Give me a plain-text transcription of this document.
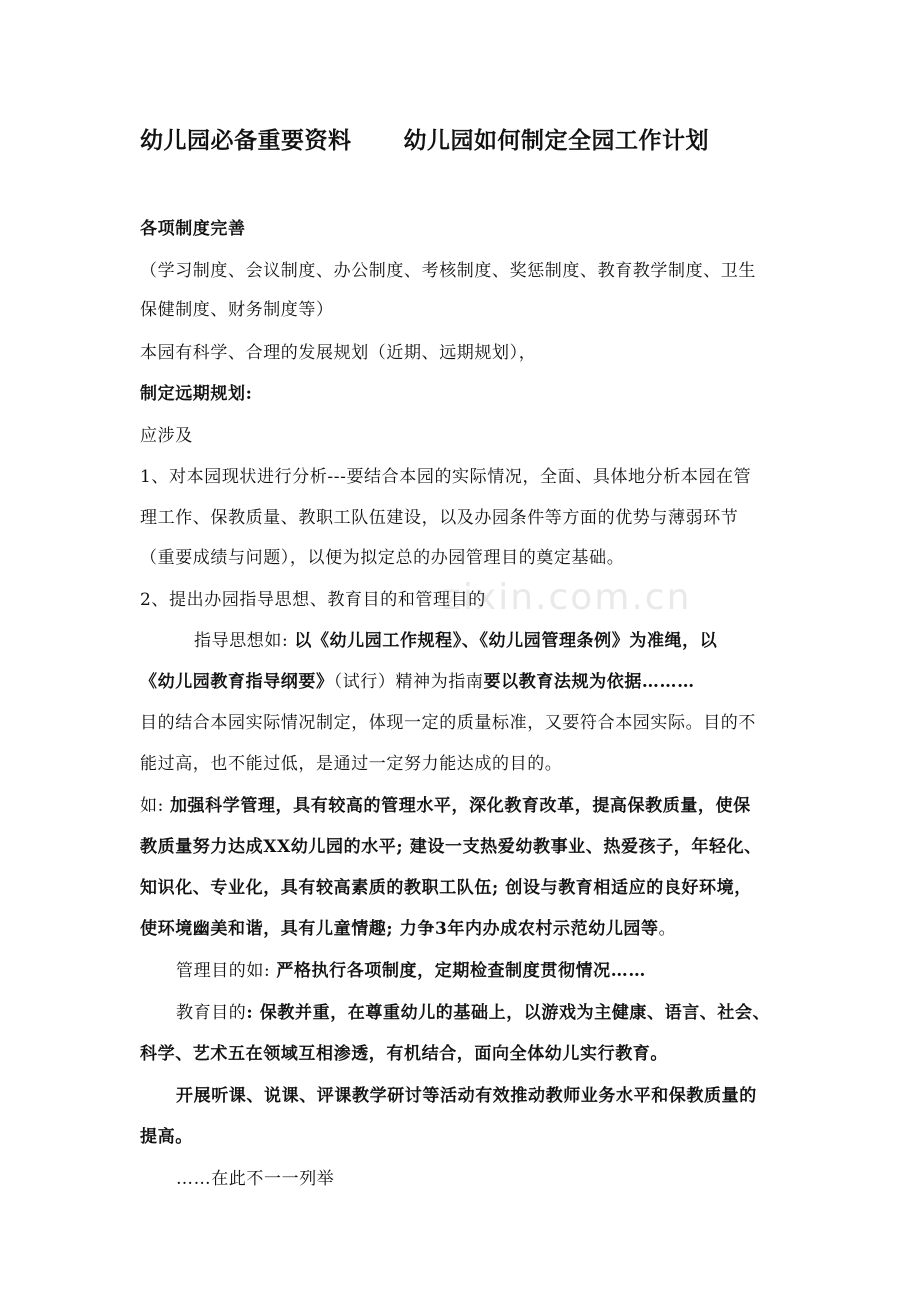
zixin.com.cn
幼儿园必备重要资料 幼儿园如何制定全园工作计划
各项制度完善
（学习制度、会议制度、办公制度、考核制度、奖惩制度、教育教学制度、卫生
保健制度、财务制度等）
本园有科学、合理的发展规划（近期、远期规划），
制定远期规划:
应涉及
1、对本园现状进行分析---要结合本园的实际情况，全面、具体地分析本园在管
理工作、保教质量、教职工队伍建设，以及办园条件等方面的优势与薄弱环节
（重要成绩与问题），以便为拟定总的办园管理目的奠定基础。
2、提出办园指导思想、教育目的和管理目的
指导思想如: 以《幼儿园工作规程》、《幼儿园管理条例》为准绳，以
《幼儿园教育指导纲要》（试行）精神为指南要以教育法规为依据………
目的结合本园实际情况制定，体现一定的质量标准，又要符合本园实际。目的不
能过高，也不能过低，是通过一定努力能达成的目的。
如: 加强科学管理，具有较高的管理水平，深化教育改革，提高保教质量，使保
教质量努力达成XX幼儿园的水平; 建设一支热爱幼教事业、热爱孩子，年轻化、
知识化、专业化，具有较高素质的教职工队伍; 创设与教育相适应的良好环境，
使环境幽美和谐，具有儿童情趣; 力争3年内办成农村示范幼儿园等。
管理目的如: 严格执行各项制度，定期检查制度贯彻情况……
教育目的: 保教并重，在尊重幼儿的基础上，以游戏为主健康、语言、社会、
科学、艺术五在领域互相渗透，有机结合，面向全体幼儿实行教育。
开展听课、说课、评课教学研讨等活动有效推动教师业务水平和保教质量的
提高。
……在此不一一列举
